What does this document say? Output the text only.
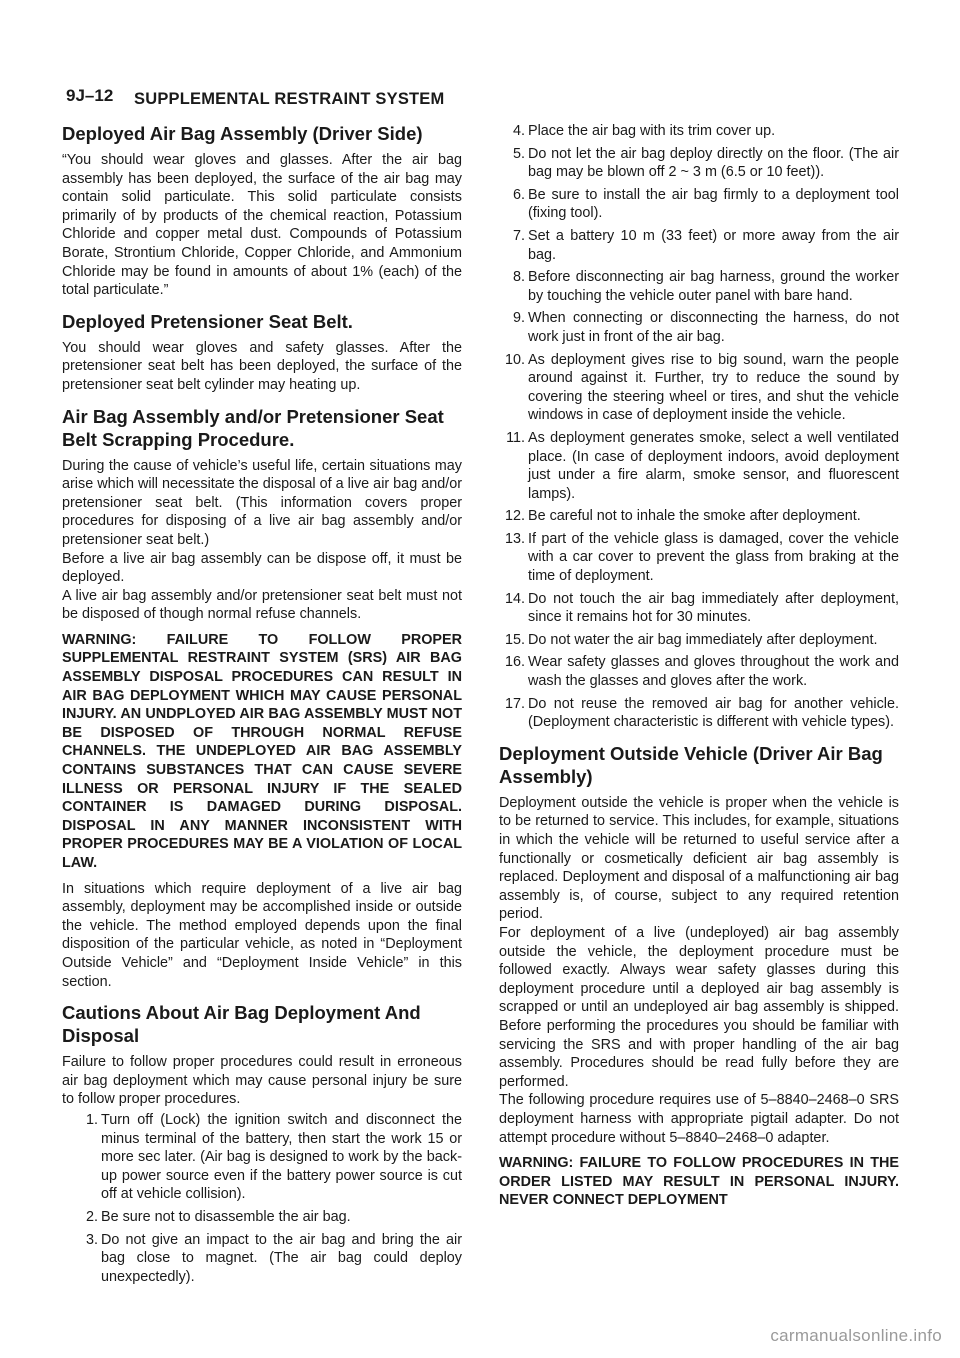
9J–12 SUPPLEMENTAL RESTRAINT SYSTEM
Deployed Air Bag Assembly (Driver Side)

“You should wear gloves and glasses. After the air bag assembly has been deployed, the surface of the air bag may contain solid particulate. This solid particulate consists primarily of by products of the chemical reaction, Potassium Chloride and copper metal dust. Compounds of Potassium Borate, Strontium Chloride, Copper Chloride, and Ammonium Chloride may be found in amounts of about 1% (each) of the total particulate.”

Deployed Pretensioner Seat Belt.

You should wear gloves and safety glasses. After the pretensioner seat belt has been deployed, the surface of the pretensioner seat belt cylinder may heating up.

Air Bag Assembly and/or Pretensioner Seat Belt Scrapping Procedure.

During the cause of vehicle’s useful life, certain situations may arise which will necessitate the disposal of a live air bag and/or pretensioner seat belt. (This information covers proper procedures for disposing of a live air bag assembly and/or pretensioner seat belt.)

Before a live air bag assembly can be dispose off, it must be deployed.

A live air bag assembly and/or pretensioner seat belt must not be disposed of though normal refuse channels.

WARNING: FAILURE TO FOLLOW PROPER SUPPLEMENTAL RESTRAINT SYSTEM (SRS) AIR BAG ASSEMBLY DISPOSAL PROCEDURES CAN RESULT IN AIR BAG DEPLOYMENT WHICH MAY CAUSE PERSONAL INJURY. AN UNDPLOYED AIR BAG ASSEMBLY MUST NOT BE DISPOSED OF THROUGH NORMAL REFUSE CHANNELS. THE UNDEPLOYED AIR BAG ASSEMBLY CONTAINS SUBSTANCES THAT CAN CAUSE SEVERE ILLNESS OR PERSONAL INJURY IF THE SEALED CONTAINER IS DAMAGED DURING DISPOSAL. DISPOSAL IN ANY MANNER INCONSISTENT WITH PROPER PROCEDURES MAY BE A VIOLATION OF LOCAL LAW.

In situations which require deployment of a live air bag assembly, deployment may be accomplished inside or outside the vehicle. The method employed depends upon the final disposition of the particular vehicle, as noted in “Deployment Outside Vehicle” and “Deployment Inside Vehicle” in this section.

Cautions About Air Bag Deployment And Disposal

Failure to follow proper procedures could result in erroneous air bag deployment which may cause personal injury be sure to follow proper procedures.

1. Turn off (Lock) the ignition switch and disconnect the minus terminal of the battery, then start the work 15 or more sec later. (Air bag is designed to work by the back-up power source even if the battery power source is cut off at vehicle collision).
2. Be sure not to disassemble the air bag.
3. Do not give an impact to the air bag and bring the air bag close to magnet. (The air bag could deploy unexpectedly).
4. Place the air bag with its trim cover up.
5. Do not let the air bag deploy directly on the floor. (The air bag may be blown off 2 ~ 3 m (6.5 or 10 feet)).
6. Be sure to install the air bag firmly to a deployment tool (fixing tool).
7. Set a battery 10 m (33 feet) or more away from the air bag.
8. Before disconnecting air bag harness, ground the worker by touching the vehicle outer panel with bare hand.
9. When connecting or disconnecting the harness, do not work just in front of the air bag.
10. As deployment gives rise to big sound, warn the people around against it. Further, try to reduce the sound by covering the steering wheel or tires, and shut the vehicle windows in case of deployment inside the vehicle.
11. As deployment generates smoke, select a well ventilated place. (In case of deployment indoors, avoid deployment just under a fire alarm, smoke sensor, and fluorescent lamps).
12. Be careful not to inhale the smoke after deployment.
13. If part of the vehicle glass is damaged, cover the vehicle with a car cover to prevent the glass from braking at the time of deployment.
14. Do not touch the air bag immediately after deployment, since it remains hot for 30 minutes.
15. Do not water the air bag immediately after deployment.
16. Wear safety glasses and gloves throughout the work and wash the glasses and gloves after the work.
17. Do not reuse the removed air bag for another vehicle. (Deployment characteristic is different with vehicle types).
Deployment Outside Vehicle (Driver Air Bag Assembly)

Deployment outside the vehicle is proper when the vehicle is to be returned to service. This includes, for example, situations in which the vehicle will be returned to useful service after a functionally or cosmetically deficient air bag assembly is replaced. Deployment and disposal of a malfunctioning air bag assembly is, of course, subject to any required retention period.

For deployment of a live (undeployed) air bag assembly outside the vehicle, the deployment procedure must be followed exactly. Always wear safety glasses during this deployment procedure until a deployed air bag assembly is scrapped or until an undeployed air bag assembly is shipped. Before performing the procedures you should be familiar with servicing the SRS and with proper handling of the air bag assembly. Procedures should be read fully before they are performed.

The following procedure requires use of 5–8840–2468–0 SRS deployment harness with appropriate pigtail adapter. Do not attempt procedure without 5–8840–2468–0 adapter.

WARNING: FAILURE TO FOLLOW PROCEDURES IN THE ORDER LISTED MAY RESULT IN PERSONAL INJURY. NEVER CONNECT DEPLOYMENT

carmanualsonline.info
